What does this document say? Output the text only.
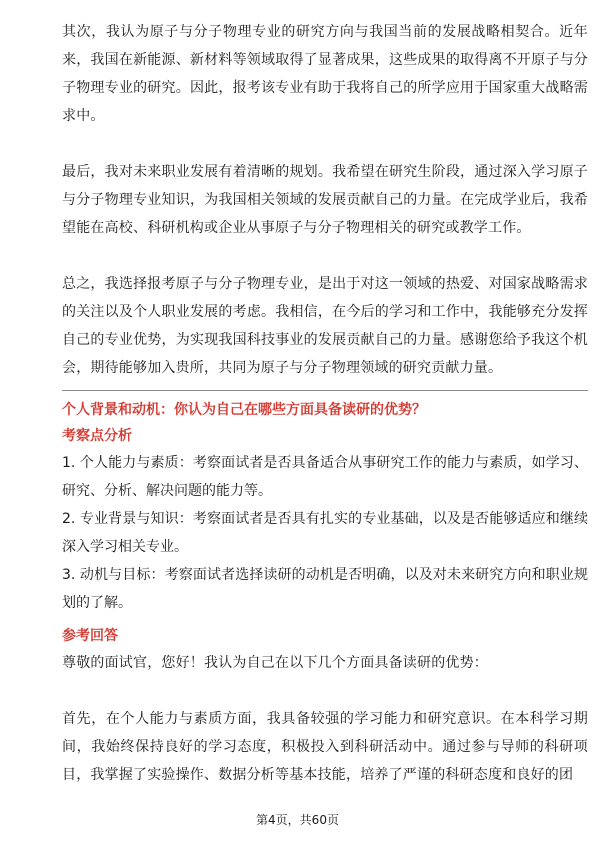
其次，我认为原子与分子物理专业的研究方向与我国当前的发展战略相契合。近年来，我国在新能源、新材料等领域取得了显著成果，这些成果的取得离不开原子与分子物理专业的研究。因此，报考该专业有助于我将自己的所学应用于国家重大战略需求中。

最后，我对未来职业发展有着清晰的规划。我希望在研究生阶段，通过深入学习原子与分子物理专业知识，为我国相关领域的发展贡献自己的力量。在完成学业后，我希望能在高校、科研机构或企业从事原子与分子物理相关的研究或教学工作。

总之，我选择报考原子与分子物理专业，是出于对这一领域的热爱、对国家战略需求的关注以及个人职业发展的考虑。我相信，在今后的学习和工作中，我能够充分发挥自己的专业优势，为实现我国科技事业的发展贡献自己的力量。感谢您给予我这个机会，期待能够加入贵所，共同为原子与分子物理领域的研究贡献力量。

个人背景和动机：你认为自己在哪些方面具备读研的优势？

考察点分析

1. 个人能力与素质：考察面试者是否具备适合从事研究工作的能力与素质，如学习、研究、分析、解决问题的能力等。

2. 专业背景与知识：考察面试者是否具有扎实的专业基础，以及是否能够适应和继续深入学习相关专业。

3. 动机与目标：考察面试者选择读研的动机是否明确，以及对未来研究方向和职业规划的了解。

参考回答

尊敬的面试官，您好！我认为自己在以下几个方面具备读研的优势：

首先，在个人能力与素质方面，我具备较强的学习能力和研究意识。在本科学习期间，我始终保持良好的学习态度，积极投入到科研活动中。通过参与导师的科研项目，我掌握了实验操作、数据分析等基本技能，培养了严谨的科研态度和良好的团

第4页，共60页
